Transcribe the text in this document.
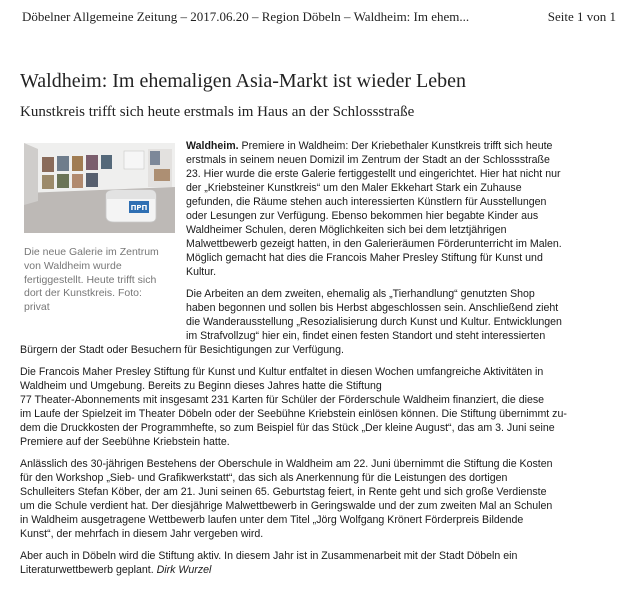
Döbelner Allgemeine Zeitung – 2017.06.20 – Region Döbeln – Waldheim: Im ehem...	Seite 1 von 1
Waldheim: Im ehemaligen Asia-Markt ist wieder Leben
Kunstkreis trifft sich heute erstmals im Haus an der Schlossstraße
ΠPΠ
Die neue Galerie im Zentrum
von Waldheim wurde
fertiggestellt. Heute trifft sich
dort der Kunstkreis. Foto:
privat
Waldheim. Premiere in Waldheim: Der Kriebethaler Kunstkreis trifft sich heute
erstmals in seinem neuen Domizil im Zentrum der Stadt an der Schlossstraße
23. Hier wurde die erste Galerie fertiggestellt und eingerichtet. Hier hat nicht nur
der „Kriebsteiner Kunstkreis“ um den Maler Ekkehart Stark ein Zuhause
gefunden, die Räume stehen auch interessierten Künstlern für Ausstellungen
oder Lesungen zur Verfügung. Ebenso bekommen hier begabte Kinder aus
Waldheimer Schulen, deren Möglichkeiten sich bei dem letztjährigen
Malwettbewerb gezeigt hatten, in den Galerieräumen Förderunterricht im Malen.
Möglich gemacht hat dies die Francois Maher Presley Stiftung für Kunst und
Kultur.
Die Arbeiten an dem zweiten, ehemalig als „Tierhandlung“ genutzten Shop
haben begonnen und sollen bis Herbst abgeschlossen sein. Anschließend zieht
die Wanderausstellung „Resozialisierung durch Kunst und Kultur. Entwicklungen
im Strafvollzug“ hier ein, findet einen festen Standort und steht interessierten
Bürgern der Stadt oder Besuchern für Besichtigungen zur Verfügung.
Die Francois Maher Presley Stiftung für Kunst und Kultur entfaltet in diesen Wochen umfangreiche Aktivitäten in
Waldheim und Umgebung. Bereits zu Beginn dieses Jahres hatte die Stiftung
77 Theater-Abonnements mit insgesamt 231 Karten für Schüler der Förderschule Waldheim finanziert, die diese
im Laufe der Spielzeit im Theater Döbeln oder der Seebühne Kriebstein einlösen können. Die Stiftung übernimmt zu-
dem die Druckkosten der Programmhefte, so zum Beispiel für das Stück „Der kleine August“, das am 3. Juni seine
Premiere auf der Seebühne Kriebstein hatte.
Anlässlich des 30-jährigen Bestehens der Oberschule in Waldheim am 22. Juni übernimmt die Stiftung die Kosten
für den Workshop „Sieb- und Grafikwerkstatt“, das sich als Anerkennung für die Leistungen des dortigen
Schulleiters Stefan Köber, der am 21. Juni seinen 65. Geburtstag feiert, in Rente geht und sich große Verdienste
um die Schule verdient hat. Der diesjährige Malwettbewerb in Geringswalde und der zum zweiten Mal an Schulen
in Waldheim ausgetragene Wettbewerb laufen unter dem Titel „Jörg Wolfgang Krönert Förderpreis Bildende
Kunst“, der mehrfach in diesem Jahr vergeben wird.
Aber auch in Döbeln wird die Stiftung aktiv. In diesem Jahr ist in Zusammenarbeit mit der Stadt Döbeln ein
Literaturwettbewerb geplant. Dirk Wurzel
